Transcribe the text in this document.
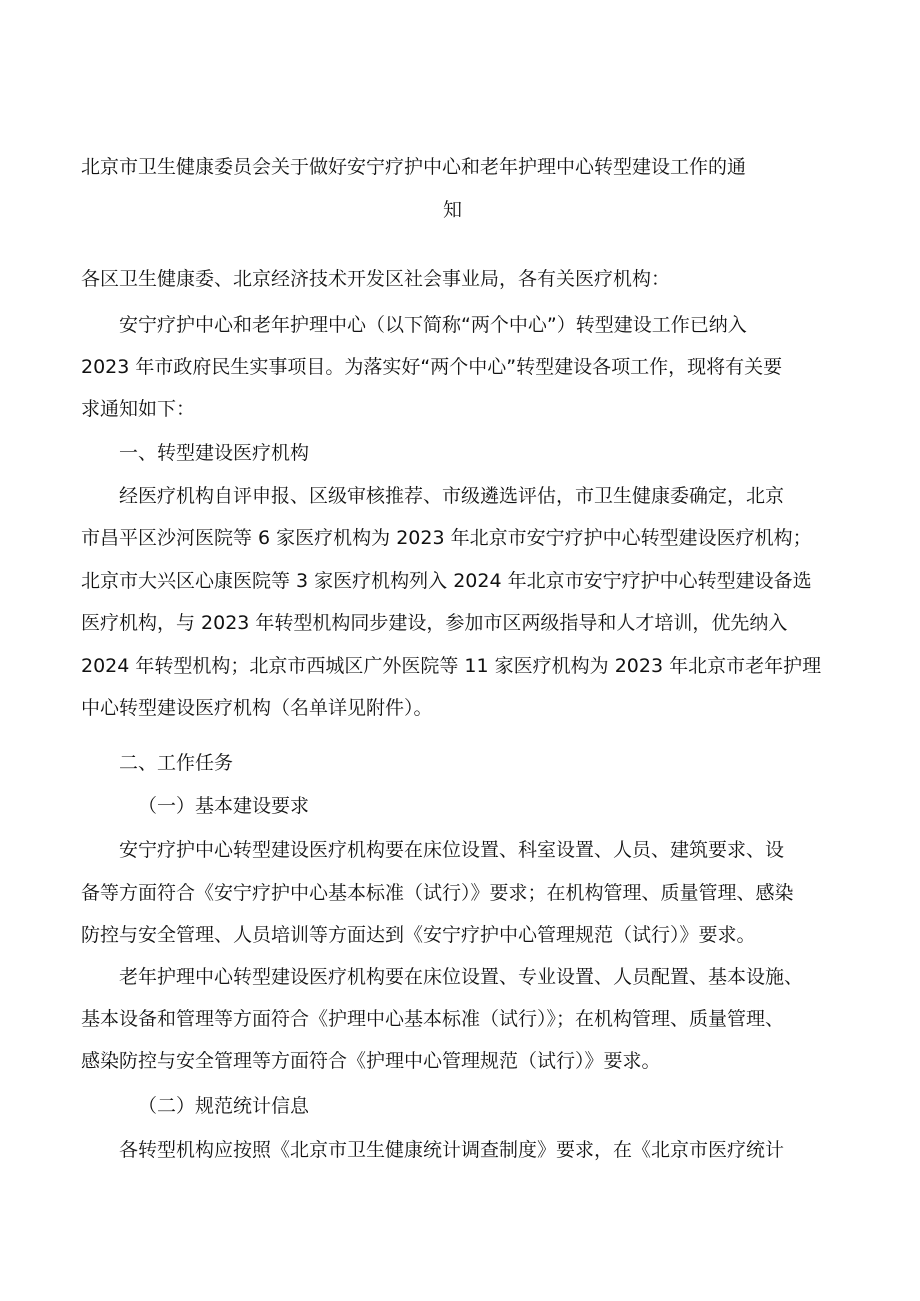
北京市卫生健康委员会关于做好安宁疗护中心和老年护理中心转型建设工作的通

知

各区卫生健康委、北京经济技术开发区社会事业局，各有关医疗机构：

安宁疗护中心和老年护理中心（以下简称“两个中心”）转型建设工作已纳入

2023 年市政府民生实事项目。为落实好“两个中心”转型建设各项工作，现将有关要

求通知如下：

一、转型建设医疗机构

经医疗机构自评申报、区级审核推荐、市级遴选评估，市卫生健康委确定，北京

市昌平区沙河医院等 6 家医疗机构为 2023 年北京市安宁疗护中心转型建设医疗机构；

北京市大兴区心康医院等 3 家医疗机构列入 2024 年北京市安宁疗护中心转型建设备选

医疗机构，与 2023 年转型机构同步建设，参加市区两级指导和人才培训，优先纳入

2024 年转型机构；北京市西城区广外医院等 11 家医疗机构为 2023 年北京市老年护理

中心转型建设医疗机构（名单详见附件）。

二、工作任务

（一）基本建设要求

安宁疗护中心转型建设医疗机构要在床位设置、科室设置、人员、建筑要求、设

备等方面符合《安宁疗护中心基本标准（试行）》要求；在机构管理、质量管理、感染

防控与安全管理、人员培训等方面达到《安宁疗护中心管理规范（试行）》要求。

老年护理中心转型建设医疗机构要在床位设置、专业设置、人员配置、基本设施、

基本设备和管理等方面符合《护理中心基本标准（试行）》；在机构管理、质量管理、

感染防控与安全管理等方面符合《护理中心管理规范（试行）》要求。

（二）规范统计信息

各转型机构应按照《北京市卫生健康统计调查制度》要求，在《北京市医疗统计
